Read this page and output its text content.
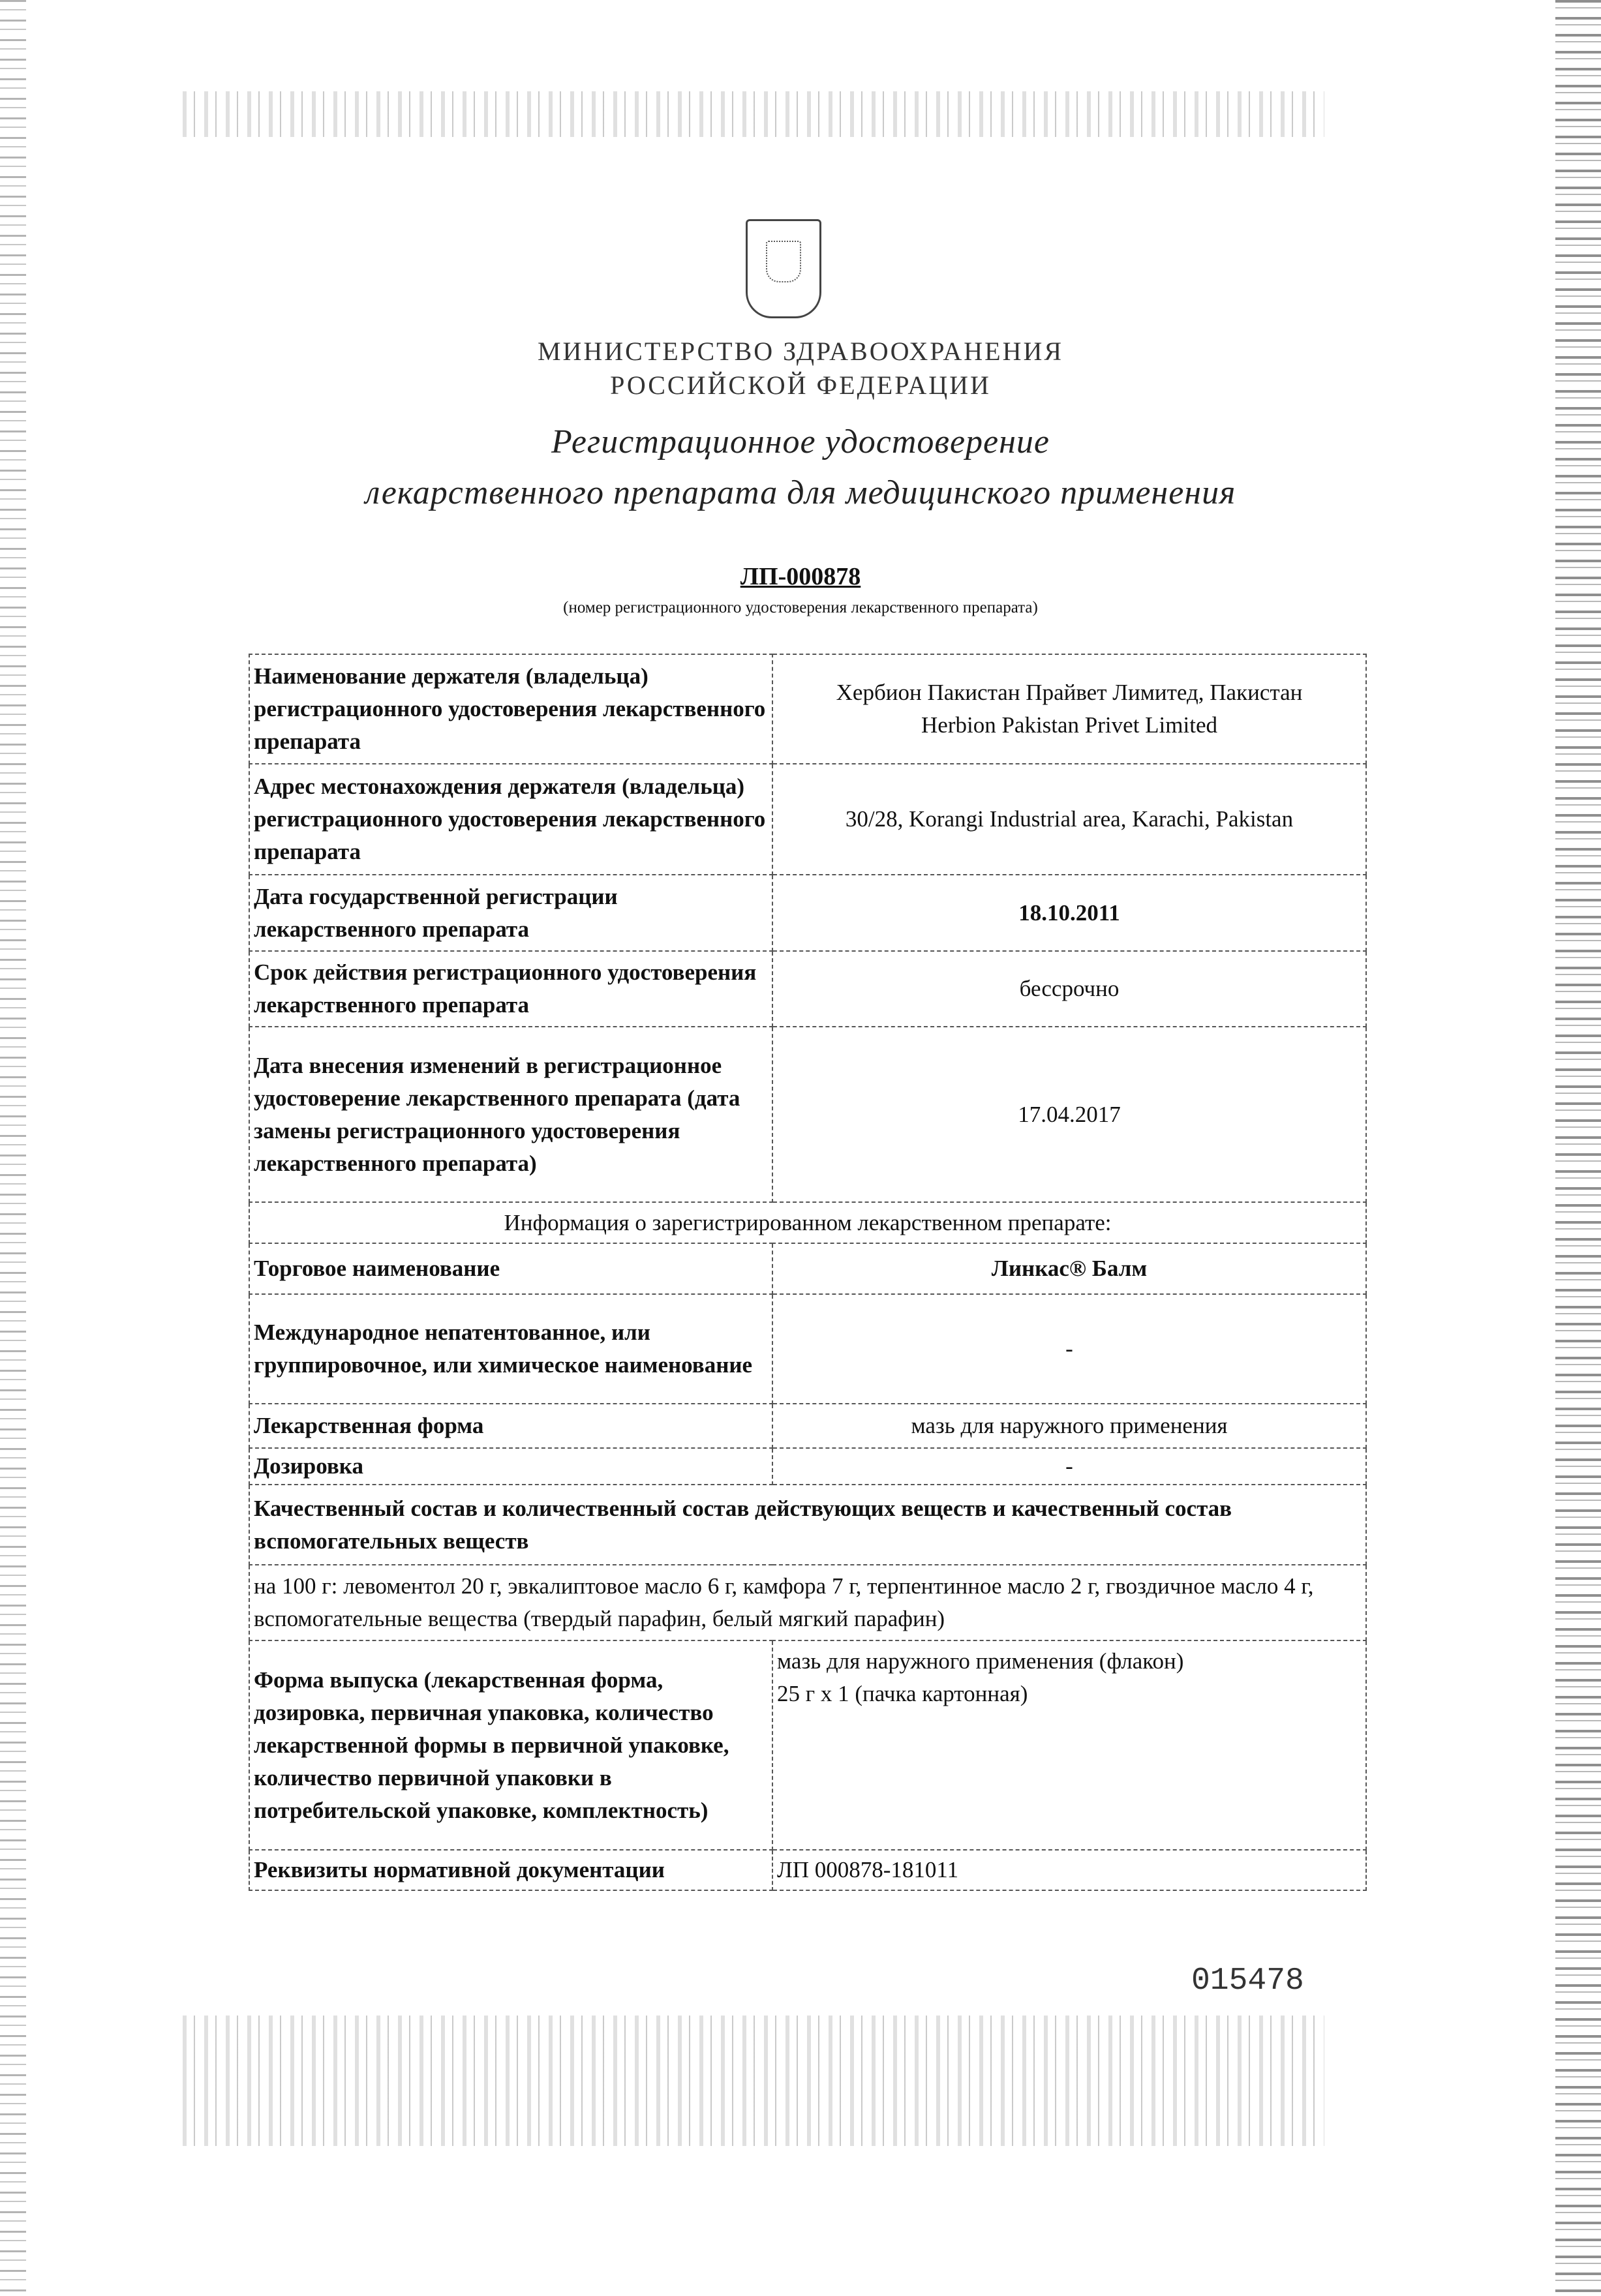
МИНИСТЕРСТВО ЗДРАВООХРАНЕНИЯ
РОССИЙСКОЙ ФЕДЕРАЦИИ
Регистрационное удостоверение
лекарственного препарата для медицинского применения
ЛП-000878
(номер регистрационного удостоверения лекарственного препарата)
Наименование держателя (владельца) регистрационного удостоверения лекарственного препарата	Хербион Пакистан Прайвет Лимитед, Пакистан
Herbion Pakistan Privet Limited
Адрес местонахождения держателя (владельца) регистрационного удостоверения лекарственного препарата	30/28, Korangi Industrial area, Karachi, Pakistan
Дата государственной регистрации лекарственного препарата	18.10.2011
Срок действия регистрационного удостоверения лекарственного препарата	бессрочно
Дата внесения изменений в регистрационное удостоверение лекарственного препарата (дата замены регистрационного удостоверения лекарственного препарата)	17.04.2017
Информация о зарегистрированном лекарственном препарате:	
Торговое наименование	Линкас® Балм
Международное непатентованное, или группировочное, или химическое наименование	-
Лекарственная форма	мазь для наружного применения
Дозировка	-
Качественный состав и количественный состав действующих веществ и качественный состав вспомогательных веществ	
на 100 г: левоментол 20 г, эвкалиптовое масло 6 г, камфора 7 г, терпентинное масло 2 г, гвоздичное масло 4 г, вспомогательные вещества (твердый парафин, белый мягкий парафин)	
Форма выпуска (лекарственная форма, дозировка, первичная упаковка, количество лекарственной формы в первичной упаковке, количество первичной упаковки в потребительской упаковке, комплектность)	мазь для наружного применения (флакон)
25 г х 1 (пачка картонная)

Реквизиты нормативной документации	ЛП 000878-181011
015478
